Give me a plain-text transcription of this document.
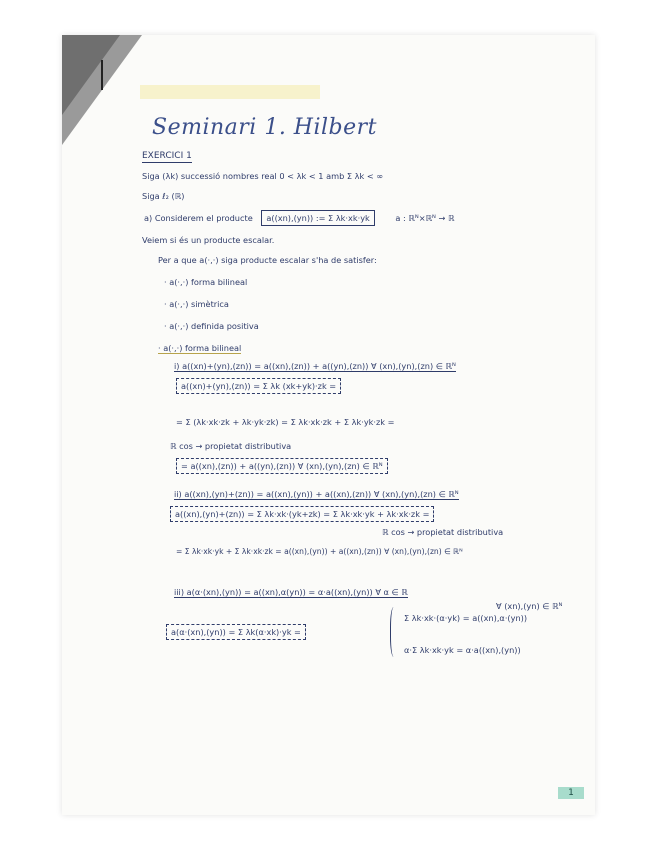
Seminari 1. Hilbert
EXERCICI 1
Siga (λk) successió nombres real 0 < λk < 1 amb Σ λk < ∞
Siga ℓ₂ (ℝ)
a) Considerem el producte a((xn),(yn)) := Σ λk·xk·yk	a : ℝᴺ×ℝᴺ → ℝ
Veiem si és un producte escalar.
Per a que a(·,·) siga producte escalar s'ha de satisfer:
· a(·,·) forma bilineal
· a(·,·) simètrica
· a(·,·) definida positiva
· a(·,·) forma bilineal
i) a((xn)+(yn),(zn)) = a((xn),(zn)) + a((yn),(zn)) ∀ (xn),(yn),(zn) ∈ ℝᴺ
a((xn)+(yn),(zn)) = Σ λk (xk+yk)·zk =
= Σ (λk·xk·zk + λk·yk·zk) = Σ λk·xk·zk + Σ λk·yk·zk =
ℝ cos → propietat distributiva
= a((xn),(zn)) + a((yn),(zn)) ∀ (xn),(yn),(zn) ∈ ℝᴺ
ii) a((xn),(yn)+(zn)) = a((xn),(yn)) + a((xn),(zn)) ∀ (xn),(yn),(zn) ∈ ℝᴺ
a((xn),(yn)+(zn)) = Σ λk·xk·(yk+zk) = Σ λk·xk·yk + λk·xk·zk =
ℝ cos → propietat distributiva
= Σ λk·xk·yk + Σ λk·xk·zk = a((xn),(yn)) + a((xn),(zn)) ∀ (xn),(yn),(zn) ∈ ℝᴺ
iii) a(α·(xn),(yn)) = a((xn),α(yn)) = α·a((xn),(yn)) ∀ α ∈ ℝ
∀ (xn),(yn) ∈ ℝᴺ
a(α·(xn),(yn)) = Σ λk(α·xk)·yk =
Σ λk·xk·(α·yk) = a((xn),α·(yn))
α·Σ λk·xk·yk = α·a((xn),(yn))
1
